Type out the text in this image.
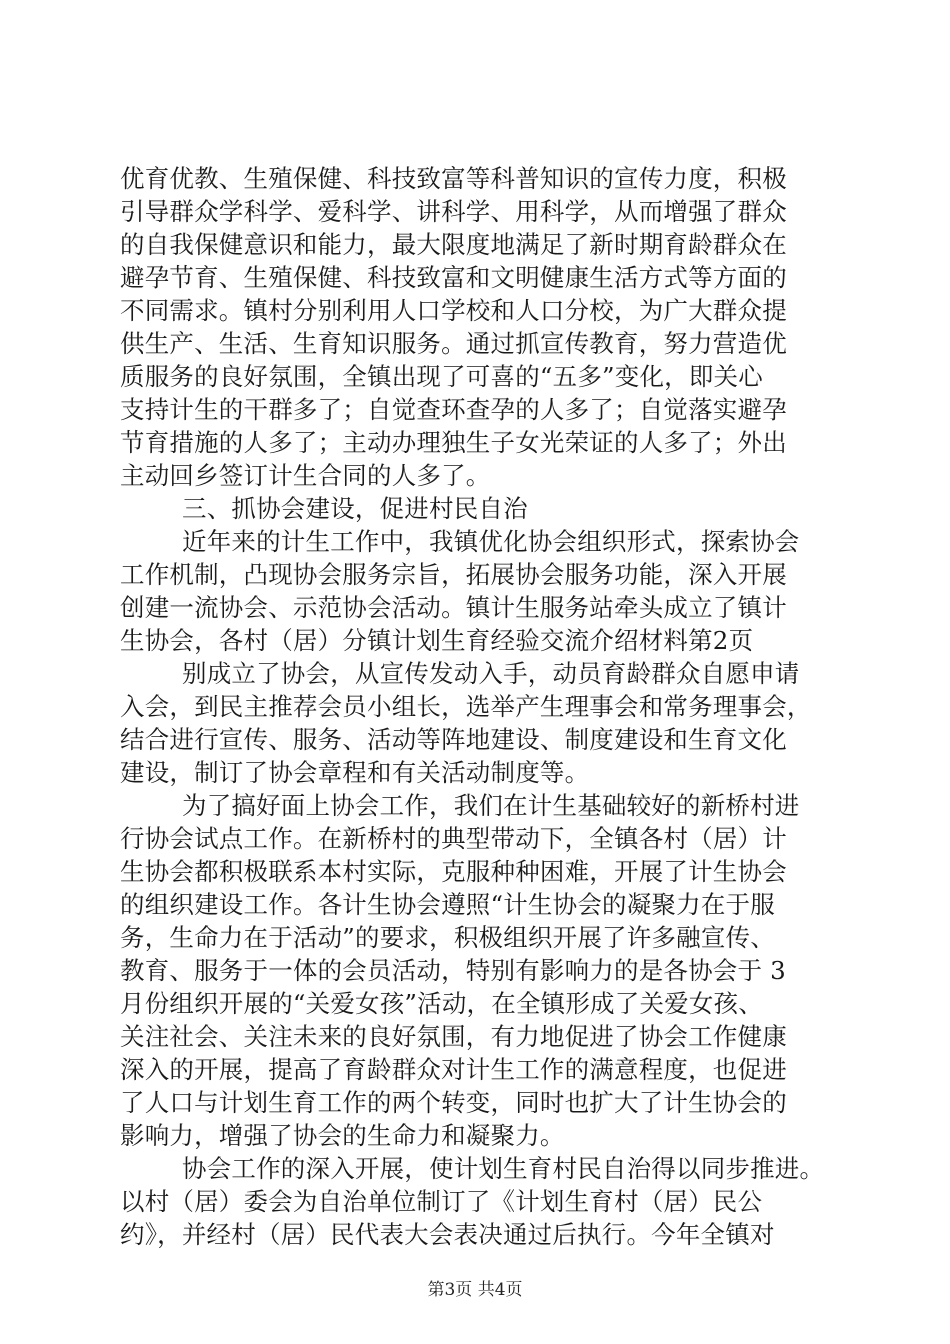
优育优教、生殖保健、科技致富等科普知识的宣传力度，积极
引导群众学科学、爱科学、讲科学、用科学，从而增强了群众
的自我保健意识和能力，最大限度地满足了新时期育龄群众在
避孕节育、生殖保健、科技致富和文明健康生活方式等方面的
不同需求。镇村分别利用人口学校和人口分校，为广大群众提
供生产、生活、生育知识服务。通过抓宣传教育，努力营造优
质服务的良好氛围，全镇出现了可喜的“五多”变化，即关心
支持计生的干群多了；自觉查环查孕的人多了；自觉落实避孕
节育措施的人多了；主动办理独生子女光荣证的人多了；外出
主动回乡签订计生合同的人多了。
三、抓协会建设，促进村民自治
近年来的计生工作中，我镇优化协会组织形式，探索协会
工作机制，凸现协会服务宗旨，拓展协会服务功能，深入开展
创建一流协会、示范协会活动。镇计生服务站牵头成立了镇计
生协会，各村（居）分镇计划生育经验交流介绍材料第2页
别成立了协会，从宣传发动入手，动员育龄群众自愿申请
入会，到民主推荐会员小组长，选举产生理事会和常务理事会，
结合进行宣传、服务、活动等阵地建设、制度建设和生育文化
建设，制订了协会章程和有关活动制度等。
为了搞好面上协会工作，我们在计生基础较好的新桥村进
行协会试点工作。在新桥村的典型带动下，全镇各村（居）计
生协会都积极联系本村实际，克服种种困难，开展了计生协会
的组织建设工作。各计生协会遵照“计生协会的凝聚力在于服
务，生命力在于活动”的要求，积极组织开展了许多融宣传、
教育、服务于一体的会员活动，特别有影响力的是各协会于 3
月份组织开展的“关爱女孩”活动，在全镇形成了关爱女孩、
关注社会、关注未来的良好氛围，有力地促进了协会工作健康
深入的开展，提高了育龄群众对计生工作的满意程度，也促进
了人口与计划生育工作的两个转变，同时也扩大了计生协会的
影响力，增强了协会的生命力和凝聚力。
协会工作的深入开展，使计划生育村民自治得以同步推进。
以村（居）委会为自治单位制订了《计划生育村（居）民公
约》，并经村（居）民代表大会表决通过后执行。今年全镇对
第3页 共4页
